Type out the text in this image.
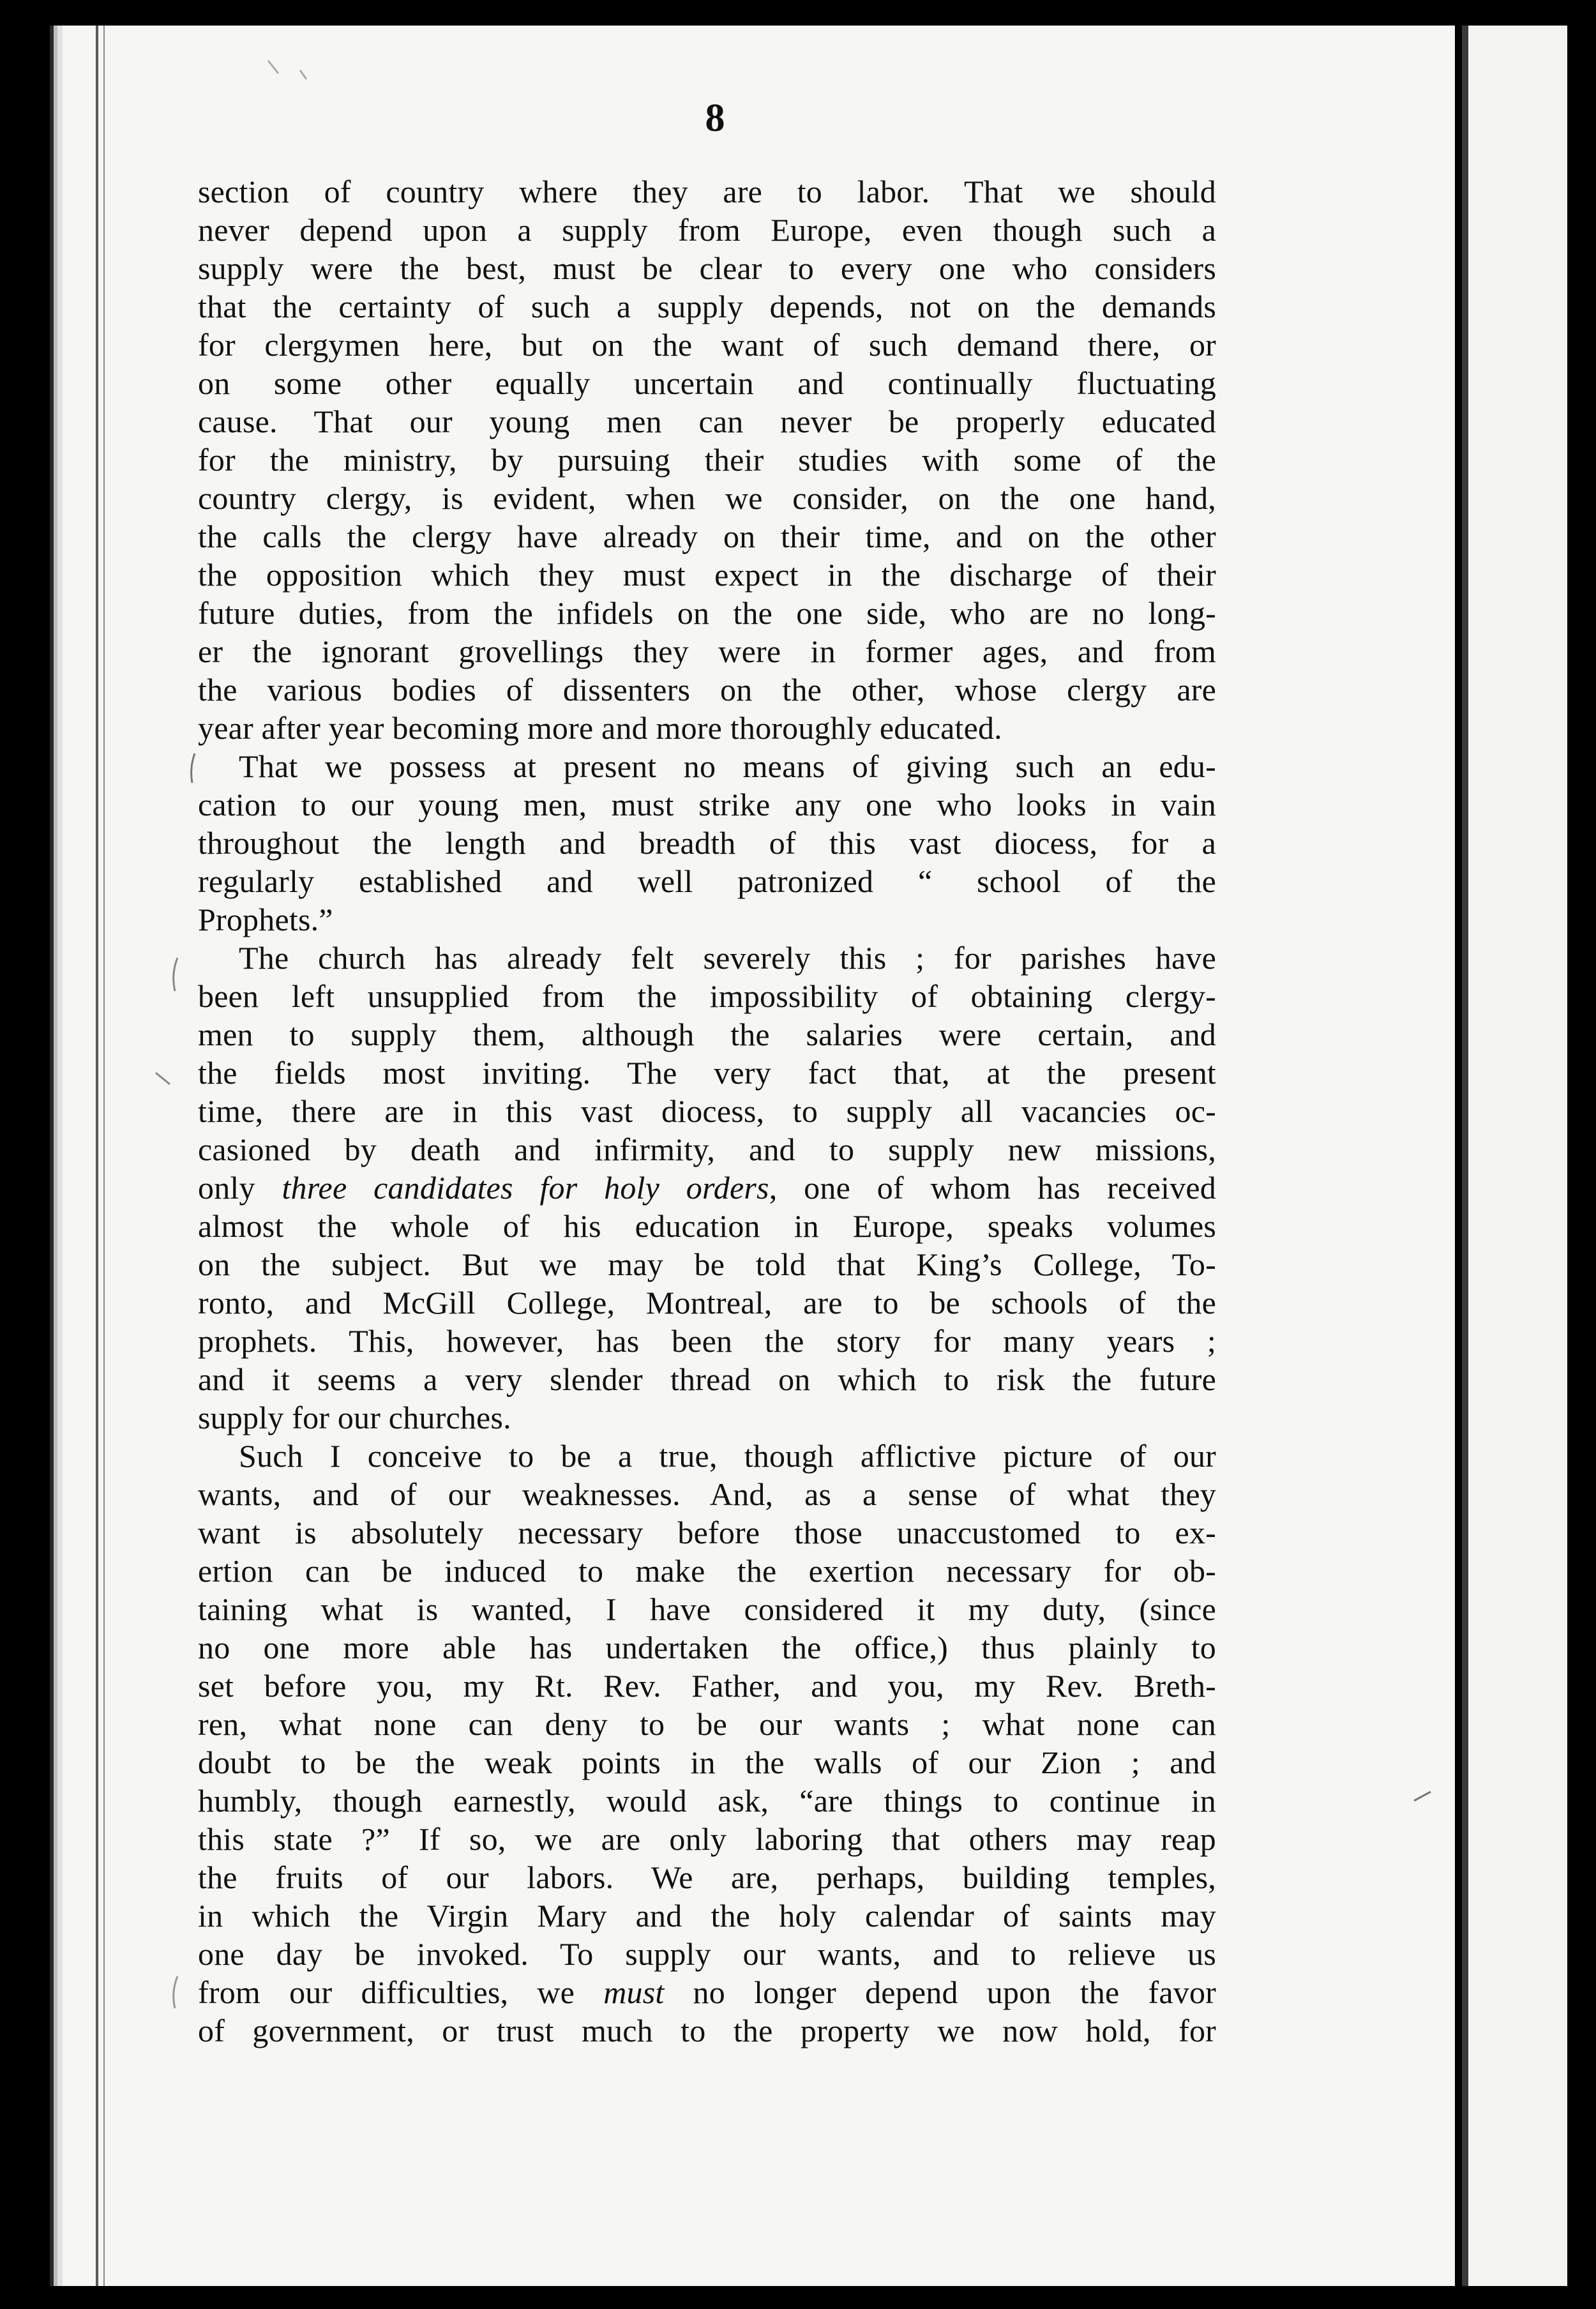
8
section of country where they are to labor. That we should
never depend upon a supply from Europe, even though such a
supply were the best, must be clear to every one who considers
that the certainty of such a supply depends, not on the demands
for clergymen here, but on the want of such demand there, or
on some other equally uncertain and continually fluctuating
cause. That our young men can never be properly educated
for the ministry, by pursuing their studies with some of the
country clergy, is evident, when we consider, on the one hand,
the calls the clergy have already on their time, and on the other
the opposition which they must expect in the discharge of their
future duties, from the infidels on the one side, who are no long-
er the ignorant grovellings they were in former ages, and from
the various bodies of dissenters on the other, whose clergy are
year after year becoming more and more thoroughly educated.
That we possess at present no means of giving such an edu-
cation to our young men, must strike any one who looks in vain
throughout the length and breadth of this vast diocess, for a
regularly established and well patronized “ school of the
Prophets.”
The church has already felt severely this ; for parishes have
been left unsupplied from the impossibility of obtaining clergy-
men to supply them, although the salaries were certain, and
the fields most inviting. The very fact that, at the present
time, there are in this vast diocess, to supply all vacancies oc-
casioned by death and infirmity, and to supply new missions,
only three candidates for holy orders, one of whom has received
almost the whole of his education in Europe, speaks volumes
on the subject. But we may be told that King’s College, To-
ronto, and McGill College, Montreal, are to be schools of the
prophets. This, however, has been the story for many years ;
and it seems a very slender thread on which to risk the future
supply for our churches.
Such I conceive to be a true, though afflictive picture of our
wants, and of our weaknesses. And, as a sense of what they
want is absolutely necessary before those unaccustomed to ex-
ertion can be induced to make the exertion necessary for ob-
taining what is wanted, I have considered it my duty, (since
no one more able has undertaken the office,) thus plainly to
set before you, my Rt. Rev. Father, and you, my Rev. Breth-
ren, what none can deny to be our wants ; what none can
doubt to be the weak points in the walls of our Zion ; and
humbly, though earnestly, would ask, “are things to continue in
this state ?” If so, we are only laboring that others may reap
the fruits of our labors. We are, perhaps, building temples,
in which the Virgin Mary and the holy calendar of saints may
one day be invoked. To supply our wants, and to relieve us
from our difficulties, we must no longer depend upon the favor
of government, or trust much to the property we now hold, for
